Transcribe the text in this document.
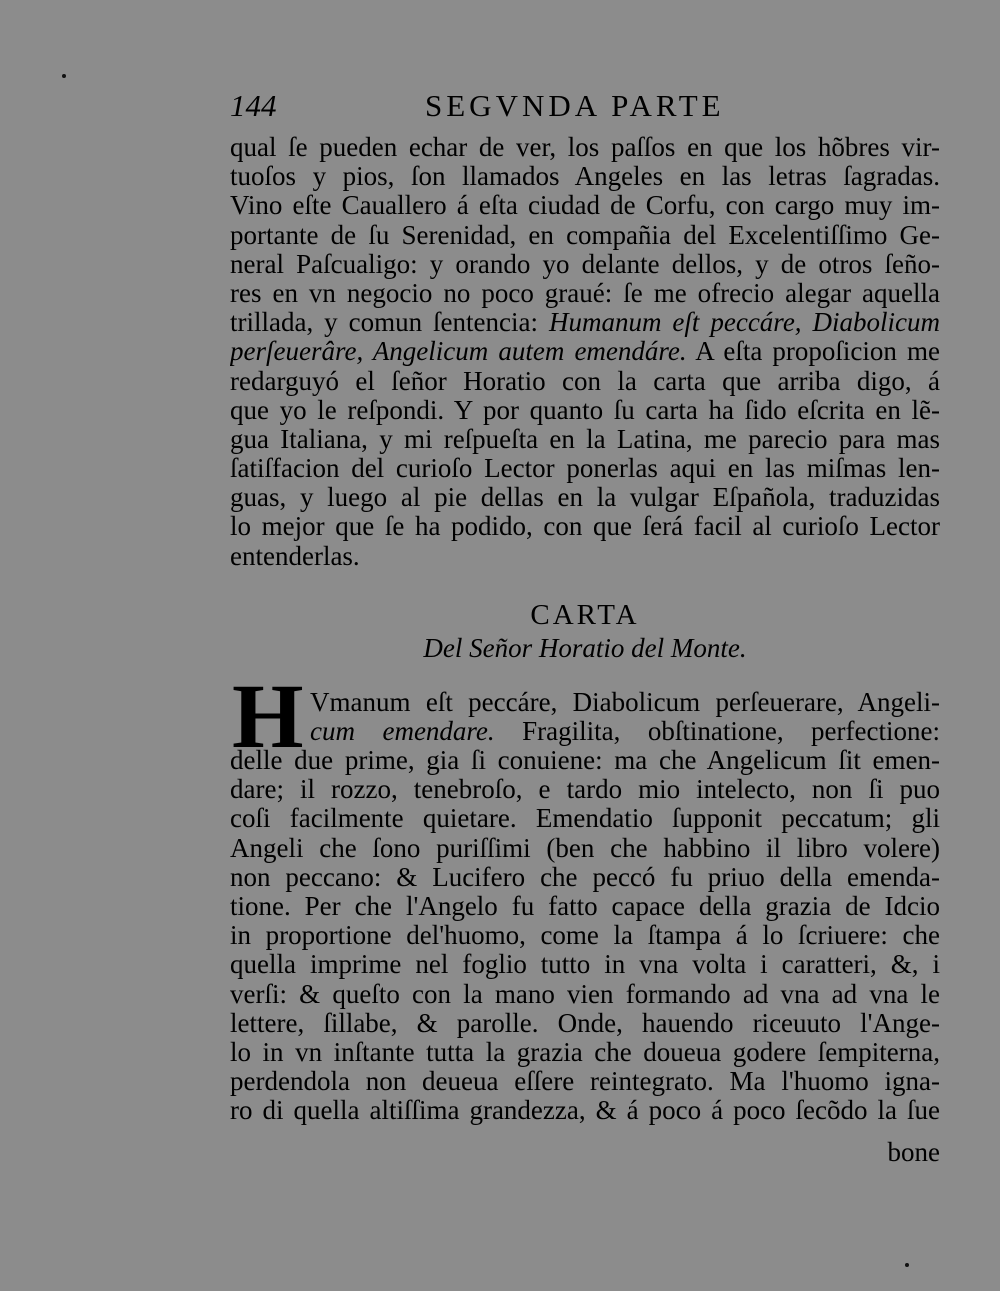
144	SEGVNDA PARTE
qual ſe pueden echar de ver, los paſſos en que los hõbres vir-
tuoſos y pios, ſon llamados Angeles en las letras ſagradas.
Vino eſte Cauallero á eſta ciudad de Corfu, con cargo muy im-
portante de ſu Serenidad, en compañia del Excelentiſſimo Ge-
neral Paſcualigo: y orando yo delante dellos, y de otros ſeño-
res en vn negocio no poco graué: ſe me ofrecio alegar aquella
trillada, y comun ſentencia: Humanum eſt peccáre, Diabolicum
perſeuerâre, Angelicum autem emendáre. A eſta propoſicion me
redarguyó el ſeñor Horatio con la carta que arriba digo, á
que yo le reſpondi. Y por quanto ſu carta ha ſido eſcrita en lẽ-
gua Italiana, y mi reſpueſta en la Latina, me parecio para mas
ſatiſfacion del curioſo Lector ponerlas aqui en las miſmas len-
guas, y luego al pie dellas en la vulgar Eſpañola, traduzidas
lo mejor que ſe ha podido, con que ſerá facil al curioſo Lector
entenderlas.
CARTA
Del Señor Horatio del Monte.
H Vmanum eſt peccáre, Diabolicum perſeuerare, Angeli-
cum emendare. Fragilita, obſtinatione, perfectione:
delle due prime, gia ſi conuiene: ma che Angelicum ſit emen-
dare; il rozzo, tenebroſo, e tardo mio intelecto, non ſi puo
coſi facilmente quietare. Emendatio ſupponit peccatum; gli
Angeli che ſono puriſſimi (ben che habbino il libro volere)
non peccano: & Lucifero che peccó fu priuo della emenda-
tione. Per che l'Angelo fu fatto capace della grazia de Idcio
in proportione del'huomo, come la ſtampa á lo ſcriuere: che
quella imprime nel foglio tutto in vna volta i caratteri, &, i
verſi: & queſto con la mano vien formando ad vna ad vna le
lettere, ſillabe, & parolle. Onde, hauendo riceuuto l'Ange-
lo in vn inſtante tutta la grazia che doueua godere ſempiterna,
perdendola non deueua eſſere reintegrato. Ma l'huomo igna-
ro di quella altiſſima grandezza, & á poco á poco ſecõdo la ſue
bone
